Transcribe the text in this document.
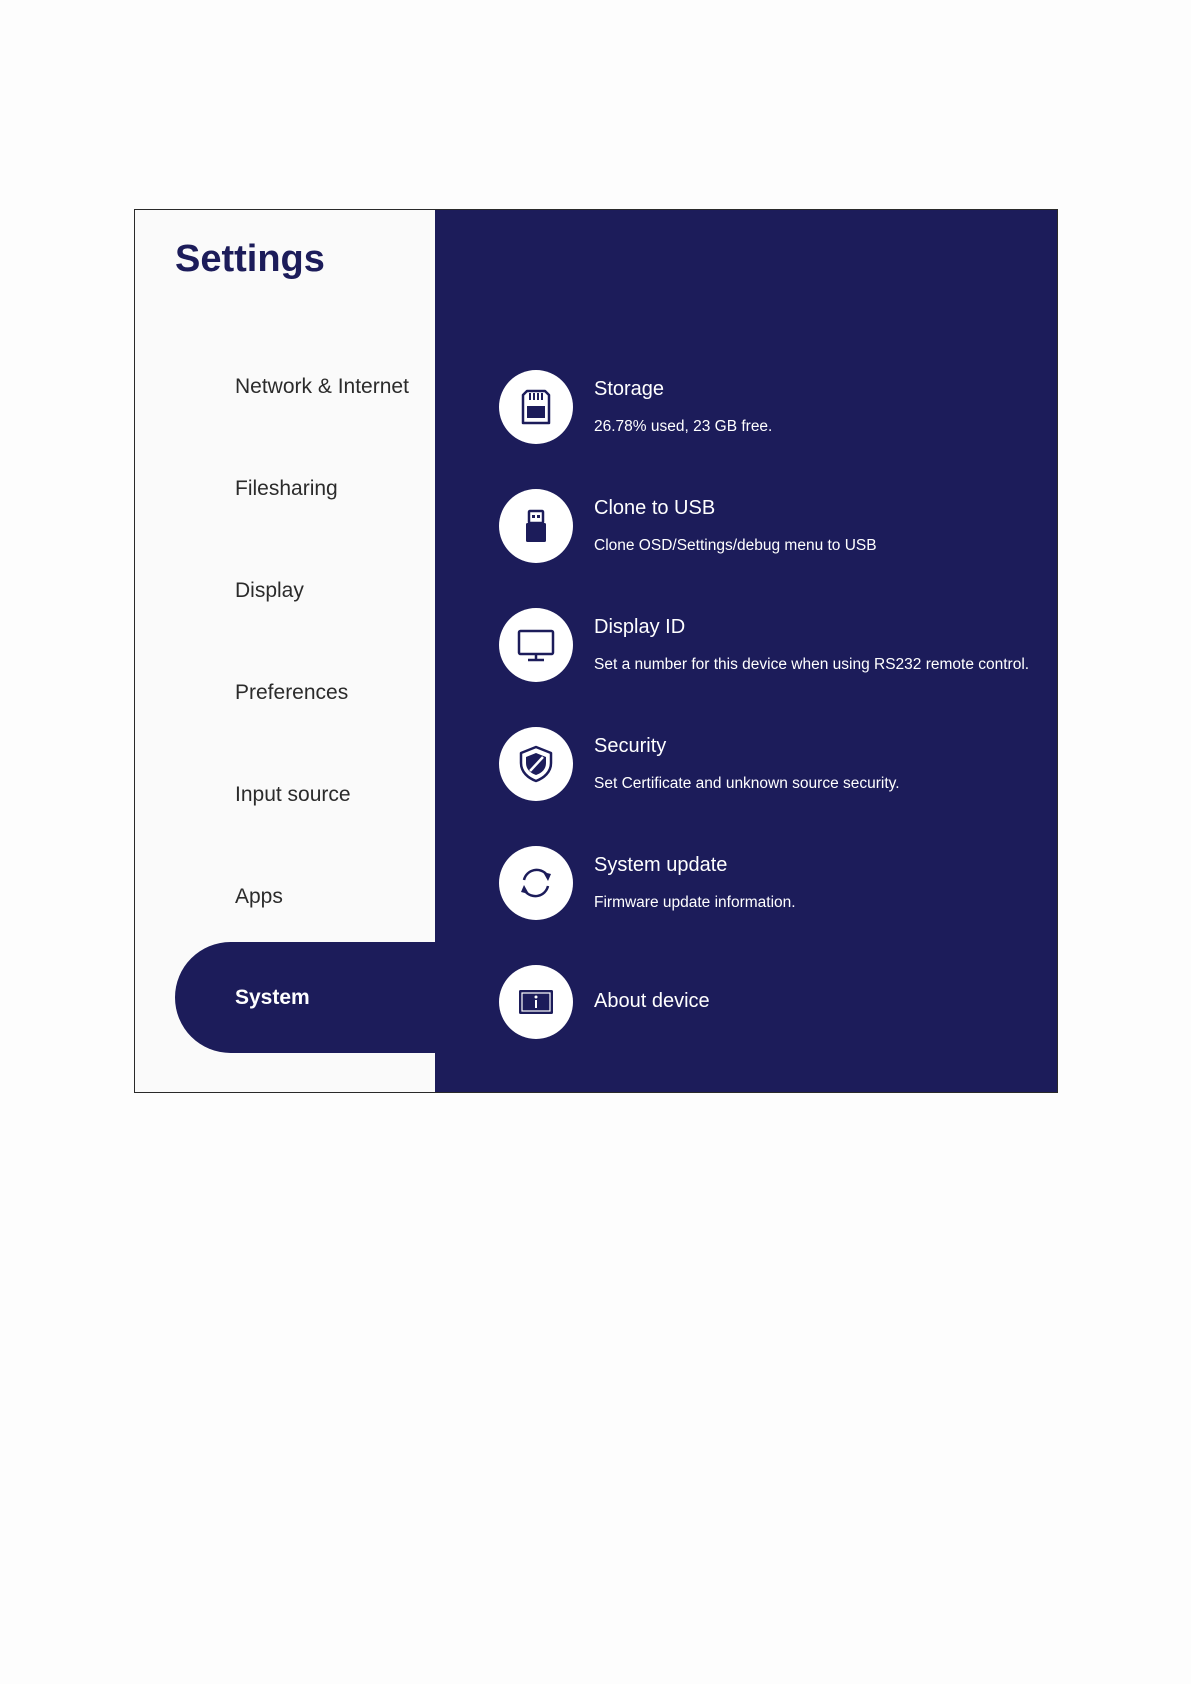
Settings
Network & Internet
Filesharing
Display
Preferences
Input source
Apps
System
Storage
26.78% used, 23 GB free.
Clone to USB
Clone OSD/Settings/debug menu to USB
Display ID
Set a number for this device when using RS232 remote control.
Security
Set Certificate and unknown source security.
System update
Firmware update information.
About device
